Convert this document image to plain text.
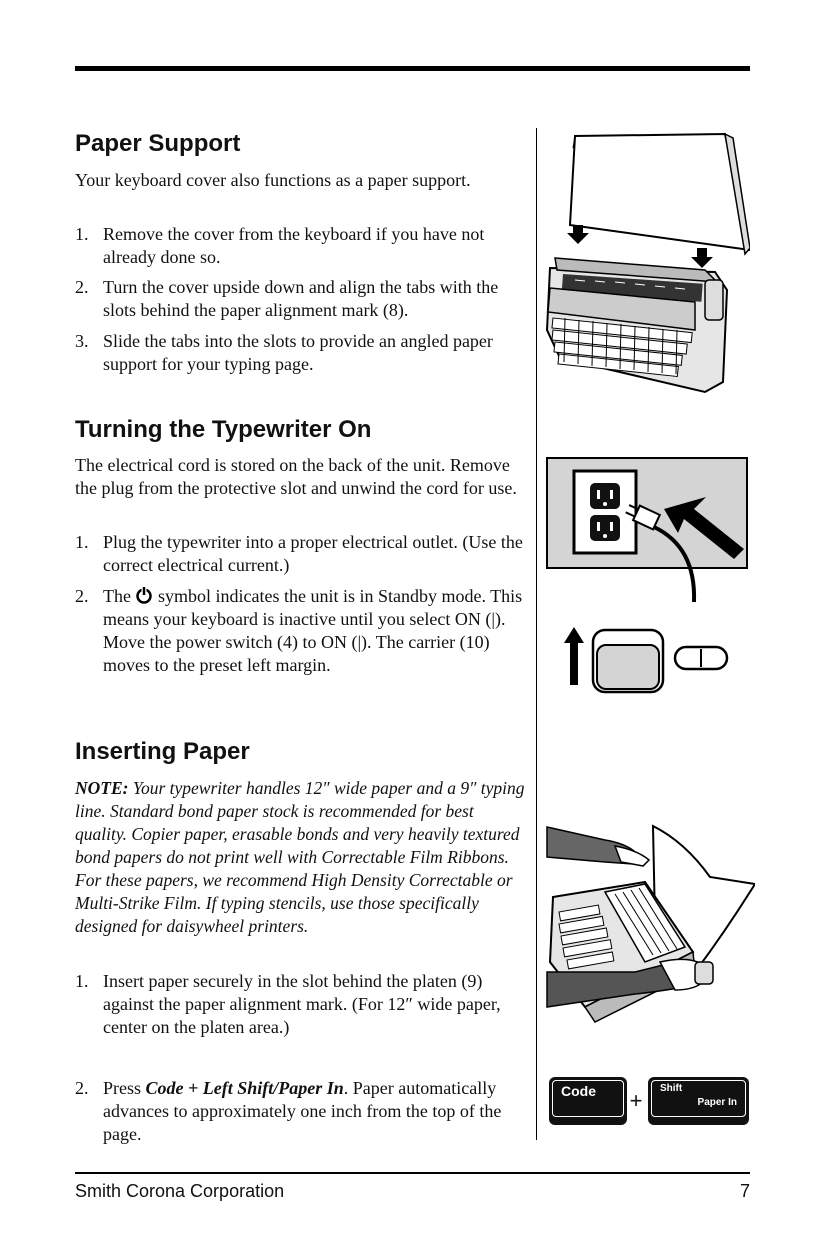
Paper Support

Your keyboard cover also functions as a paper support.

1. Remove the cover from the keyboard if you have not already done so.
2. Turn the cover upside down and align the tabs with the slots behind the paper alignment mark (8).
3. Slide the tabs into the slots to provide an angled paper support for your typing page.
Turning the Typewriter On

The electrical cord is stored on the back of the unit. Remove the plug from the protective slot and unwind the cord for use.

1. Plug the typewriter into a proper electrical outlet. (Use the correct electrical current.)
2. The symbol indicates the unit is in Standby mode. This means your keyboard is inactive until you select ON (|). Move the power switch (4) to ON (|). The carrier (10) moves to the preset left margin.
Inserting Paper

NOTE: Your typewriter handles 12″ wide paper and a 9″ typing line. Standard bond paper stock is recommended for best quality. Copier paper, erasable bonds and very heavily textured bond papers do not print well with Correctable Film Ribbons. For these papers, we recommend High Density Correctable or Multi-Strike Film. If typing stencils, use those specifically designed for daisywheel printers.

1. Insert paper securely in the slot behind the platen (9) against the paper alignment mark. (For 12″ wide paper, center on the platen area.)
2. Press Code + Left Shift/Paper In. Paper automatically advances to approximately one inch from the top of the page.
Code + Shift
Paper In
Smith Corona Corporation	7
